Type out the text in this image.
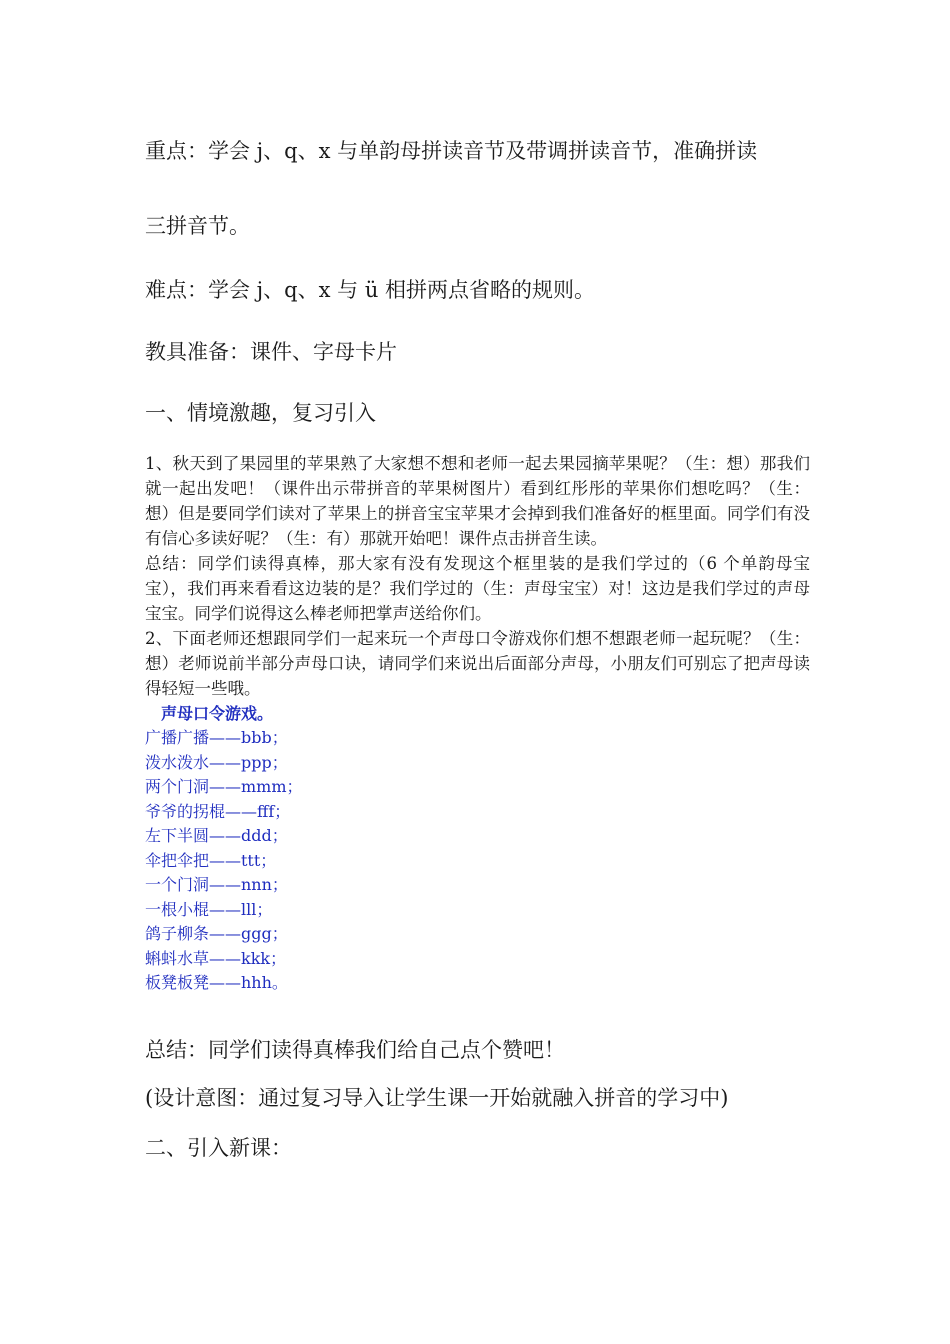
重点：学会 j、q、x 与单韵母拼读音节及带调拼读音节，准确拼读

三拼音节。

难点：学会 j、q、x 与 ü 相拼两点省略的规则。

教具准备：课件、字母卡片

一、情境激趣，复习引入

1、秋天到了果园里的苹果熟了大家想不想和老师一起去果园摘苹果呢？（生：想）那我们就一起出发吧！（课件出示带拼音的苹果树图片）看到红彤彤的苹果你们想吃吗？（生：想）但是要同学们读对了苹果上的拼音宝宝苹果才会掉到我们准备好的框里面。同学们有没有信心多读好呢？（生：有）那就开始吧！课件点击拼音生读。

总结：同学们读得真棒，那大家有没有发现这个框里装的是我们学过的（6 个单韵母宝宝），我们再来看看这边装的是？我们学过的（生：声母宝宝）对！这边是我们学过的声母宝宝。同学们说得这么棒老师把掌声送给你们。

2、下面老师还想跟同学们一起来玩一个声母口令游戏你们想不想跟老师一起玩呢？（生：想）老师说前半部分声母口诀，请同学们来说出后面部分声母，小朋友们可别忘了把声母读得轻短一些哦。

声母口令游戏。

广播广播——bbb；

泼水泼水——ppp；

两个门洞——mmm；

爷爷的拐棍——fff；

左下半圆——ddd；

伞把伞把——ttt；

一个门洞——nnn；

一根小棍——lll；

鸽子柳条——ggg；

蝌蚪水草——kkk；

板凳板凳——hhh。

总结：同学们读得真棒我们给自己点个赞吧！

(设计意图：通过复习导入让学生课一开始就融入拼音的学习中)

二、引入新课：
